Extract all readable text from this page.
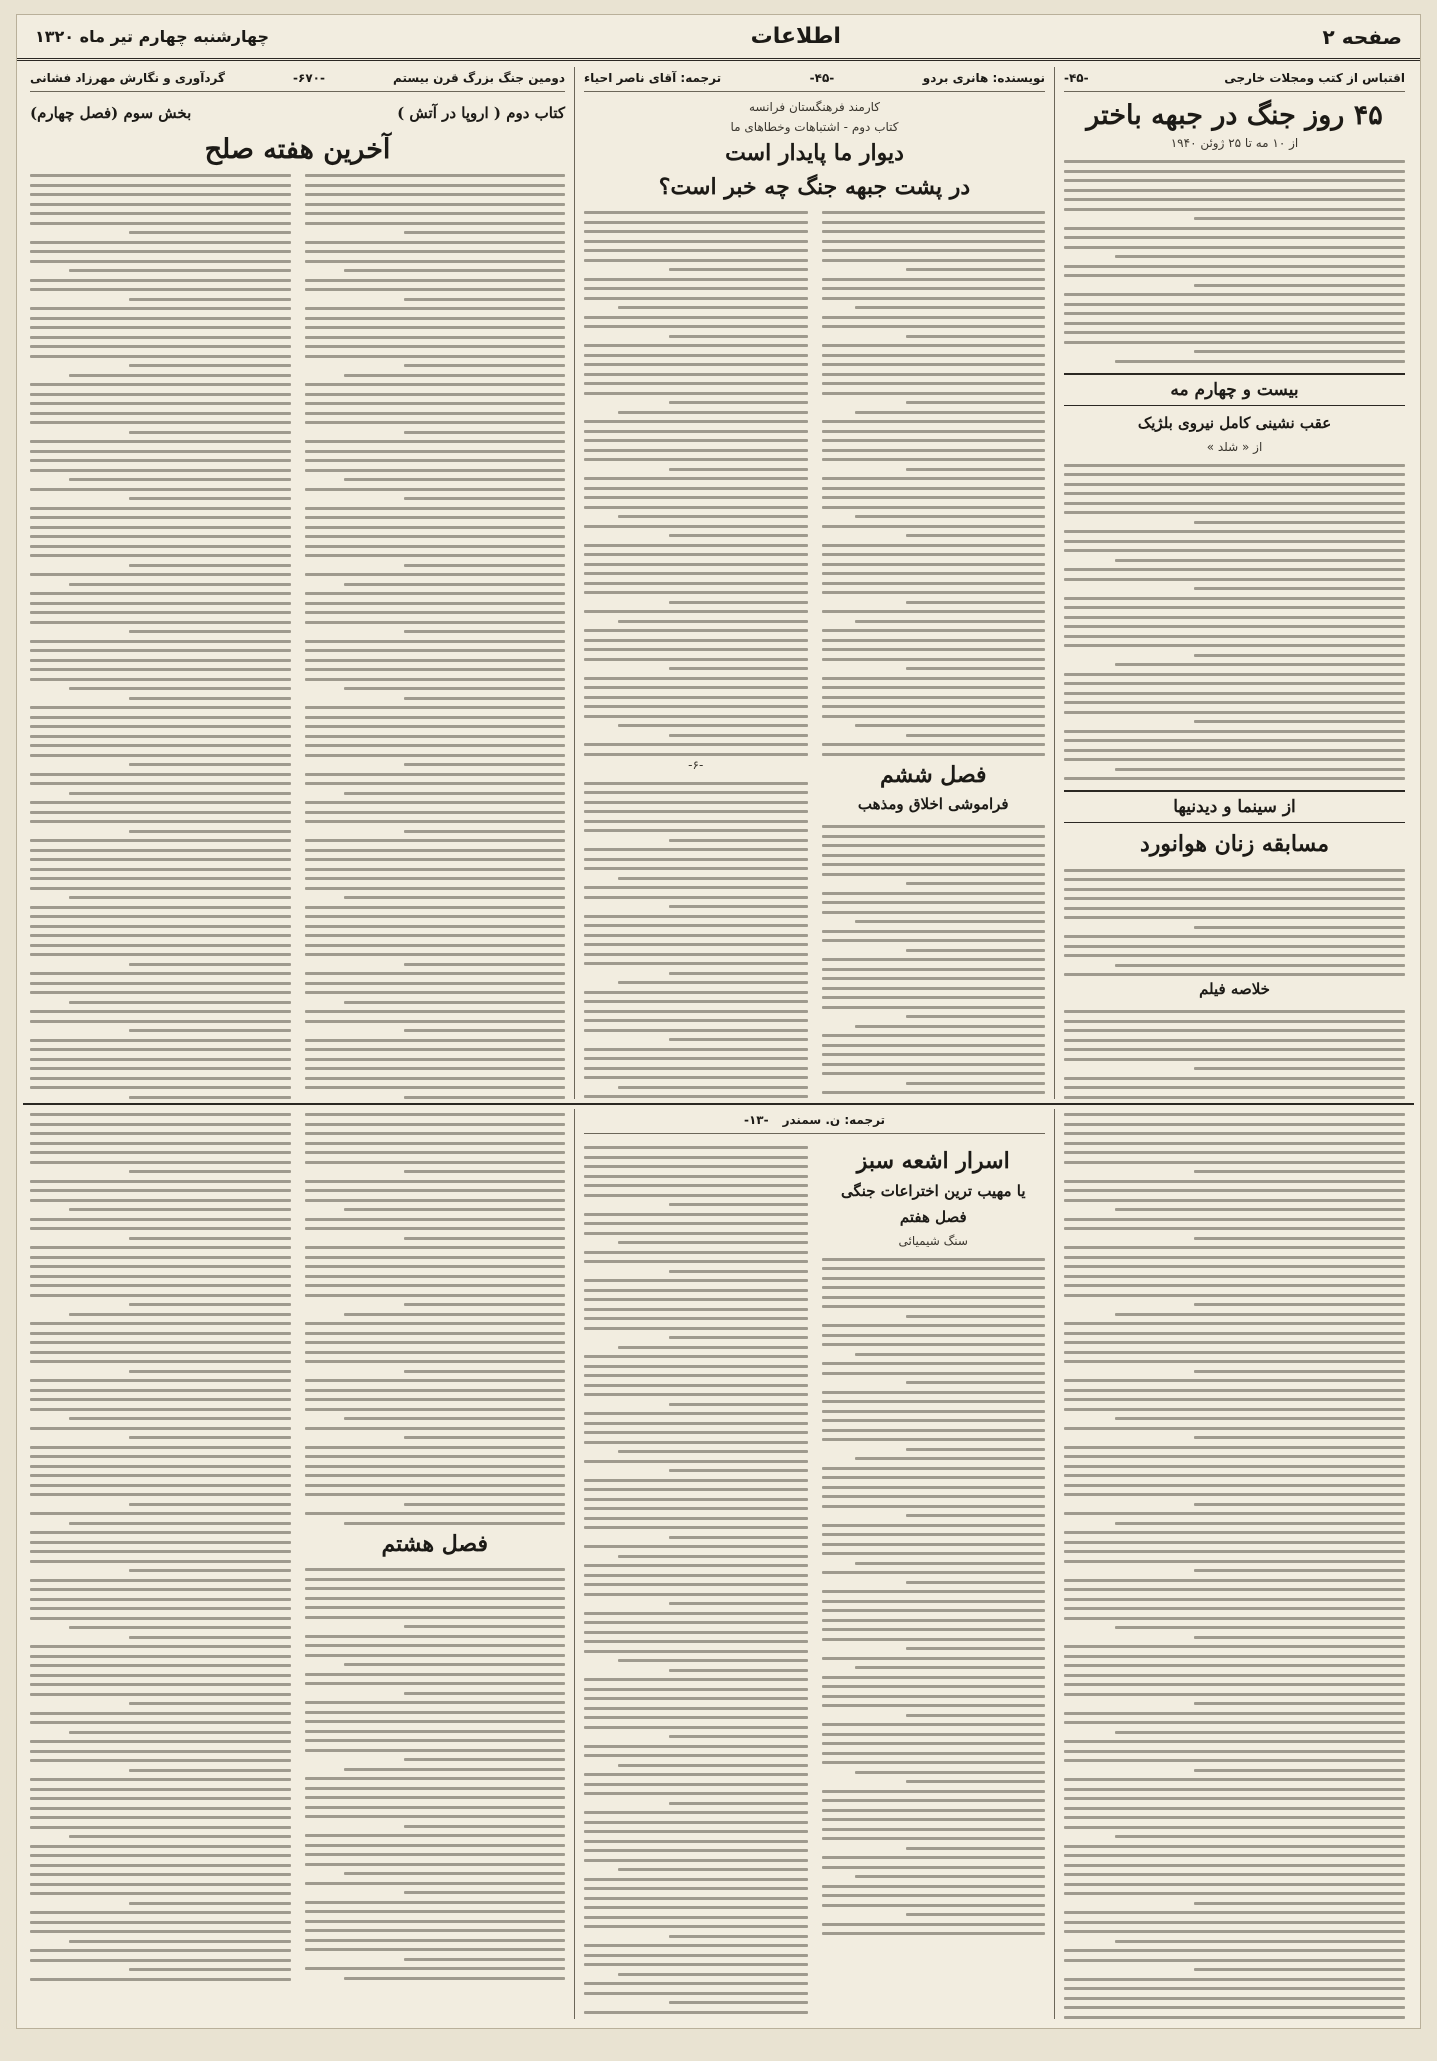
صفحه ۲
اطلاعات
چهارشنبه چهارم تیر ماه ۱۳۲۰
اقتباس از کتب ومجلات خارجی
-۴۵-
۴۵ روز جنگ در جبهه باختر
از ۱۰ مه تا ۲۵ ژوئن ۱۹۴۰
بیست و چهارم مه
عقب نشینی کامل نیروی بلژیک
از « شلد »
از سینما و دیدنیها
مسابقه زنان هوانورد
خلاصه فیلم
نویسنده: هانری بردو
-۴۵-
ترجمه: آقای ناصر احیاء
کارمند فرهنگستان فرانسه
کتاب دوم - اشتباهات وخطاهای ما
دیوار ما پایدار است
در پشت جبهه جنگ چه خبر است؟
فصل ششم
فراموشی اخلاق ومذهب
-۶-
دومین جنگ بزرگ قرن بیستم
-۶۷۰-
گردآوری و نگارش مهرزاد فشانی
کتاب دوم ( اروپا در آتش )
بخش سوم (فصل چهارم)
آخرین هفته صلح
ترجمه: ن. سمندر
-۱۳-
اسرار اشعه سبز
یا مهیب ترین اختراعات جنگی
فصل هفتم
سنگ شیمیائی
فصل هشتم
